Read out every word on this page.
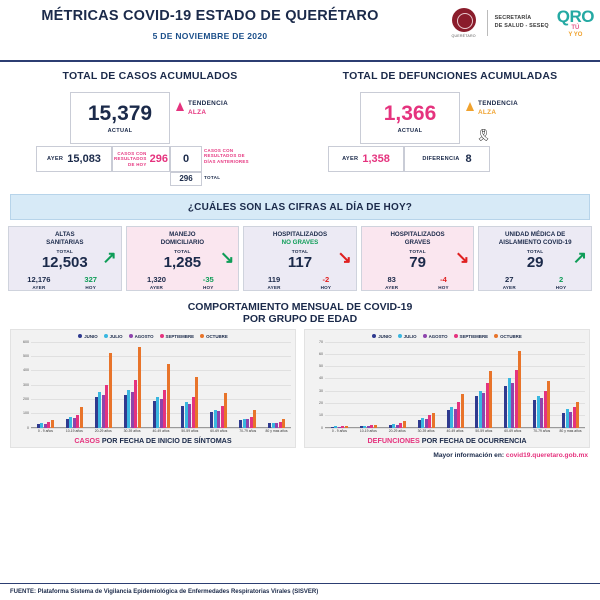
MÉTRICAS COVID-19 ESTADO DE QUERÉTARO
5 DE NOVIEMBRE DE 2020	QUERÉTARO
SECRETARÍA
DE SALUD - SESEQ
QRO
TÚ
Y YO
TOTAL DE CASOS ACUMULADOS
15,379
ACTUAL
TENDENCIA
ALZA
AYER 15,083	CASOS CON
RESULTADOS
DE HOY 296 0
CASOS CON
RESULTADOS DE
DÍAS ANTERIORES
296 TOTAL
TOTAL DE DEFUNCIONES ACUMULADAS
1,366
ACTUAL
TENDENCIA
ALZA
🎗
AYER 1,358	DIFERENCIA 8
¿CUÁLES SON LAS CIFRAS AL DÍA DE HOY?
ALTAS
SANITARIAS
TOTAL
12,503 ↗
12,176
AYER
327
HOY
MANEJO
DOMICILIARIO
TOTAL
1,285	↘
1,320
AYER
-35
HOY
HOSPITALIZADOS
NO GRAVES
TOTAL
117	↘
119
AYER
-2
HOY
HOSPITALIZADOS
GRAVES
TOTAL
79	↘
83
AYER
-4
HOY
UNIDAD MÉDICA DE
AISLAMIENTO COVID-19
TOTAL
29	↗
27
AYER
2
HOY
COMPORTAMIENTO MENSUAL DE COVID-19
POR GRUPO DE EDAD
JUNIO	JULIO	AGOSTO	SEPTIEMBRE	OCTUBRE
0
100
200
300
400
500
600
0 - 9 años	10-19 años	20-29 años	30-39 años	40-49 años	50-59 años	60-69 años	70-79 años	80 y mas años
CASOS POR FECHA DE INICIO DE SÍNTOMAS
JUNIO	JULIO	AGOSTO	SEPTIEMBRE	OCTUBRE
0
10
20
30
40
50
60
70
0 - 9 años	10-19 años	20-29 años	30-39 años	40-49 años	50-59 años	60-69 años	70-79 años	80 y mas años
DEFUNCIONES POR FECHA DE OCURRENCIA
Mayor información en: covid19.queretaro.gob.mx
FUENTE: Plataforma Sistema de Vigilancia Epidemiológica de Enfermedades Respiratorias Virales (SISVER)
